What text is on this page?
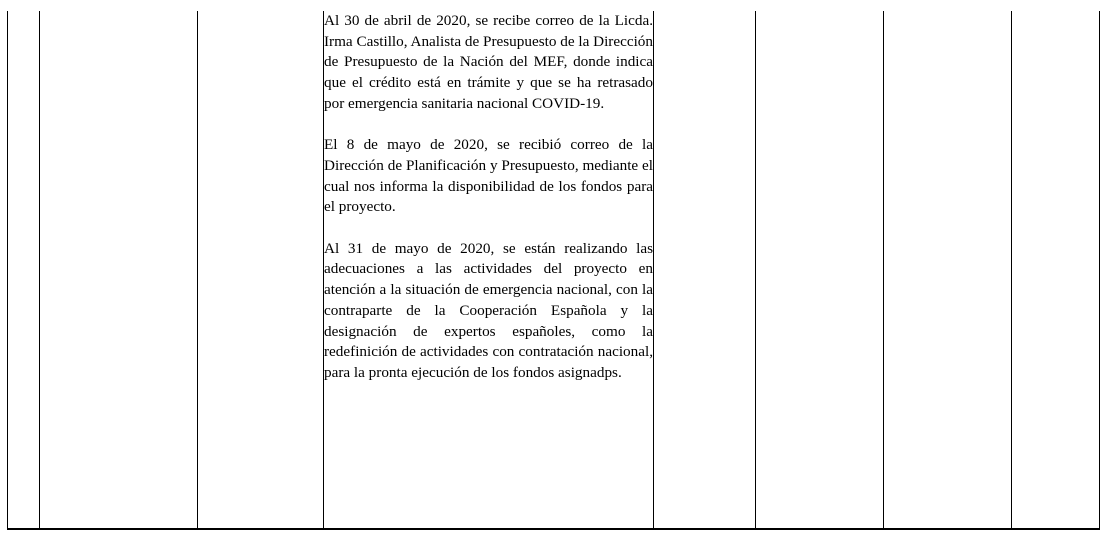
Al 30 de abril de 2020, se recibe correo de la Licda. Irma Castillo, Analista de Presupuesto de la Dirección de Presupuesto de la Nación del MEF, donde indica que el crédito está en trámite y que se ha retrasado por emergencia sanitaria nacional COVID-19.

El 8 de mayo de 2020, se recibió correo de la Dirección de Planificación y Presupuesto, mediante el cual nos informa la disponibilidad de los fondos para el proyecto.

Al 31 de mayo de 2020, se están realizando las adecuaciones a las actividades del proyecto en atención a la situación de emergencia nacional, con la contraparte de la Cooperación Española y la designación de expertos españoles, como la redefinición de actividades con contratación nacional, para la pronta ejecución de los fondos asignadps.
